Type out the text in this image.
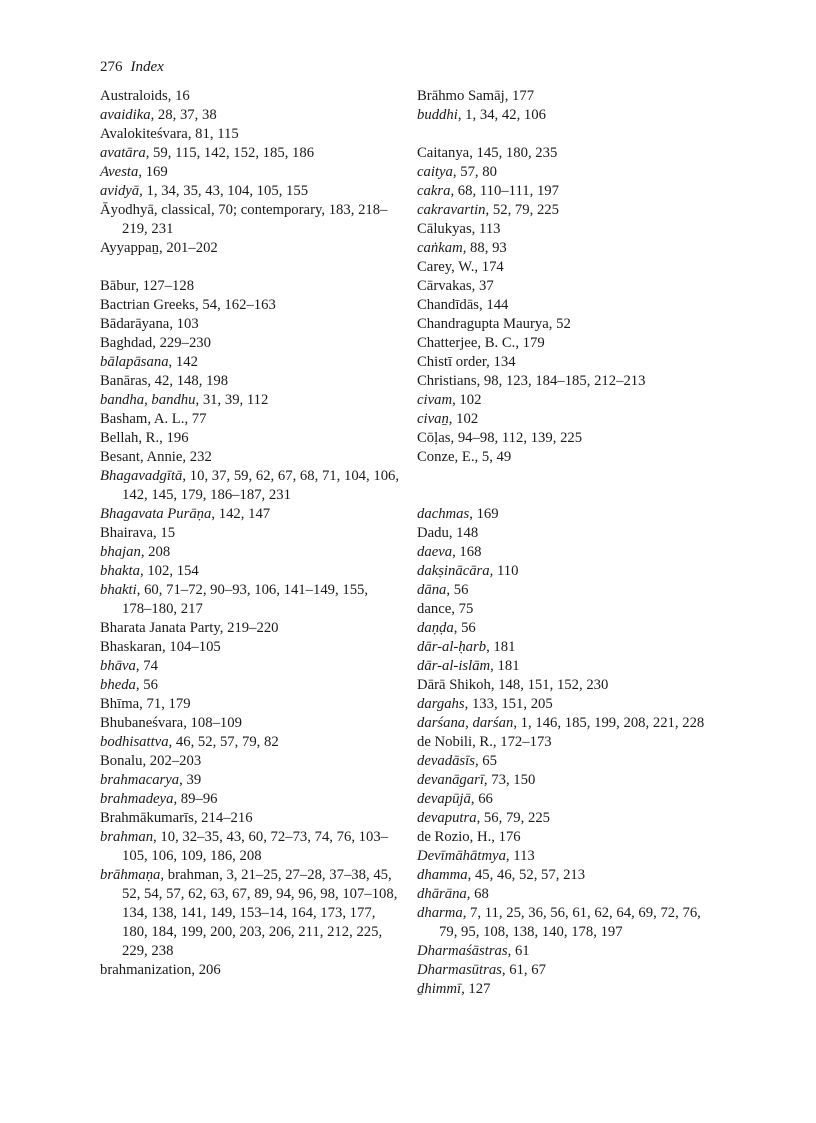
276 Index

Australoids, 16

avaidika, 28, 37, 38

Avalokiteśvara, 81, 115

avatāra, 59, 115, 142, 152, 185, 186

Avesta, 169

avidyā, 1, 34, 35, 43, 104, 105, 155

Āyodhyā, classical, 70; contemporary, 183, 218–219, 231

Ayyappaṉ, 201–202

Bābur, 127–128

Bactrian Greeks, 54, 162–163

Bādarāyana, 103

Baghdad, 229–230

bālapāsana, 142

Banāras, 42, 148, 198

bandha, bandhu, 31, 39, 112

Basham, A. L., 77

Bellah, R., 196

Besant, Annie, 232

Bhagavadgītā, 10, 37, 59, 62, 67, 68, 71, 104, 106, 142, 145, 179, 186–187, 231

Bhagavata Purāṇa, 142, 147

Bhairava, 15

bhajan, 208

bhakta, 102, 154

bhakti, 60, 71–72, 90–93, 106, 141–149, 155, 178–180, 217

Bharata Janata Party, 219–220

Bhaskaran, 104–105

bhāva, 74

bheda, 56

Bhīma, 71, 179

Bhubaneśvara, 108–109

bodhisattva, 46, 52, 57, 79, 82

Bonalu, 202–203

brahmacarya, 39

brahmadeya, 89–96

Brahmākumarīs, 214–216

brahman, 10, 32–35, 43, 60, 72–73, 74, 76, 103–105, 106, 109, 186, 208

brāhmaṇa, brahman, 3, 21–25, 27–28, 37–38, 45, 52, 54, 57, 62, 63, 67, 89, 94, 96, 98, 107–108, 134, 138, 141, 149, 153–14, 164, 173, 177, 180, 184, 199, 200, 203, 206, 211, 212, 225, 229, 238

brahmanization, 206

Brāhmo Samāj, 177

buddhi, 1, 34, 42, 106

Caitanya, 145, 180, 235

caitya, 57, 80

cakra, 68, 110–111, 197

cakravartin, 52, 79, 225

Cālukyas, 113

caṅkam, 88, 93

Carey, W., 174

Cārvakas, 37

Chandīdās, 144

Chandragupta Maurya, 52

Chatterjee, B. C., 179

Chistī order, 134

Christians, 98, 123, 184–185, 212–213

civam, 102

civaṉ, 102

Cōḷas, 94–98, 112, 139, 225

Conze, E., 5, 49

dachmas, 169

Dadu, 148

daeva, 168

dakṣinācāra, 110

dāna, 56

dance, 75

daṇḍa, 56

dār-al-ḥarb, 181

dār-al-islām, 181

Dārā Shikoh, 148, 151, 152, 230

dargahs, 133, 151, 205

darśana, darśan, 1, 146, 185, 199, 208, 221, 228

de Nobili, R., 172–173

devadāsīs, 65

devanāgarī, 73, 150

devapūjā, 66

devaputra, 56, 79, 225

de Rozio, H., 176

Devīmāhātmya, 113

dhamma, 45, 46, 52, 57, 213

dhārāna, 68

dharma, 7, 11, 25, 36, 56, 61, 62, 64, 69, 72, 76, 79, 95, 108, 138, 140, 178, 197

Dharmaśāstras, 61

Dharmasūtras, 61, 67

ḏhimmī, 127
